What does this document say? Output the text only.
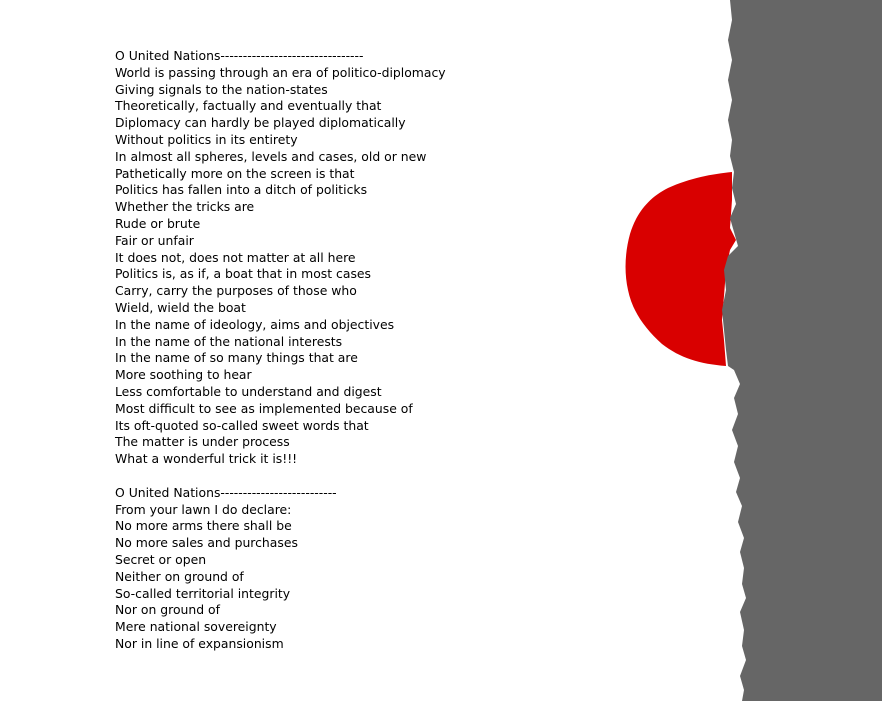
O United Nations--------------------------------
World is passing through an era of politico-diplomacy
Giving signals to the nation-states
Theoretically, factually and eventually that
Diplomacy can hardly be played diplomatically
Without politics in its entirety
In almost all spheres, levels and cases, old or new
Pathetically more on the screen is that
Politics has fallen into a ditch of politicks
Whether the tricks are
Rude or brute
Fair or unfair
It does not, does not matter at all here
Politics is, as if, a boat that in most cases
Carry, carry the purposes of those who
Wield, wield the boat
In the name of ideology, aims and objectives
In the name of the national interests
In the name of so many things that are
More soothing to hear
Less comfortable to understand and digest
Most difficult to see as implemented because of
Its oft-quoted so-called sweet words that
The matter is under process
What a wonderful trick it is!!!
O United Nations--------------------------
From your lawn I do declare:
No more arms there shall be
No more sales and purchases
Secret or open
Neither on ground of
So-called territorial integrity
Nor on ground of
Mere national sovereignty
Nor in line of expansionism
